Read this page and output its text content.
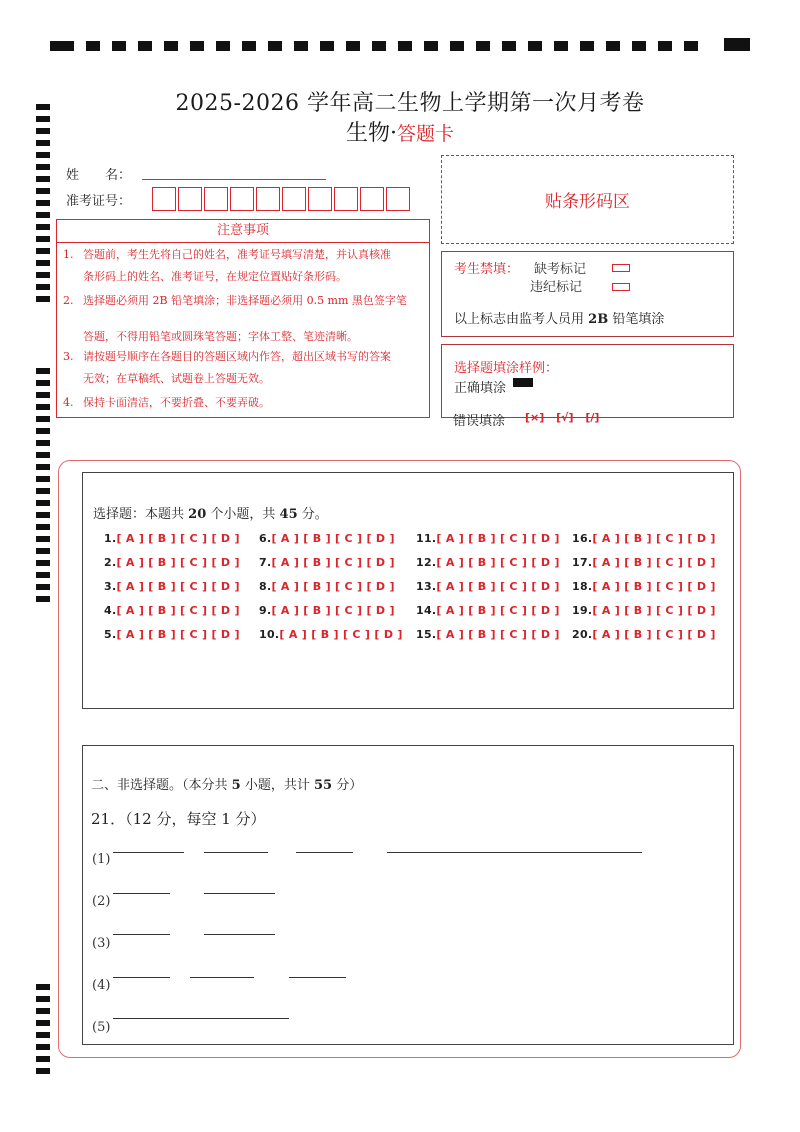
2025-2026 学年高二生物上学期第一次月考卷
生物·答题卡
姓　　名：
准考证号：
注意事项
1. 答题前，考生先将自己的姓名，准考证号填写清楚，并认真核准
条形码上的姓名、准考证号，在规定位置贴好条形码。
2. 选择题必须用 2B 铅笔填涂；非选择题必须用 0.5 mm 黑色签字笔
答题，不得用铅笔或圆珠笔答题；字体工整、笔迹清晰。
3. 请按题号顺序在各题目的答题区域内作答，超出区域书写的答案
无效；在草稿纸、试题卷上答题无效。
4. 保持卡面清洁，不要折叠、不要弄破。
贴条形码区
考生禁填： 缺考标记
违纪标记
以上标志由监考人员用 2B 铅笔填涂
选择题填涂样例：
正确填涂
错误填涂 [×] [√] [/]
选择题：本题共 20 个小题，共 45 分。
1.[ A ] [ B ] [ C ] [ D ]
2.[ A ] [ B ] [ C ] [ D ]
3.[ A ] [ B ] [ C ] [ D ]
4.[ A ] [ B ] [ C ] [ D ]
5.[ A ] [ B ] [ C ] [ D ]
6.[ A ] [ B ] [ C ] [ D ]
7.[ A ] [ B ] [ C ] [ D ]
8.[ A ] [ B ] [ C ] [ D ]
9.[ A ] [ B ] [ C ] [ D ]
10.[ A ] [ B ] [ C ] [ D ]
11.[ A ] [ B ] [ C ] [ D ]
12.[ A ] [ B ] [ C ] [ D ]
13.[ A ] [ B ] [ C ] [ D ]
14.[ A ] [ B ] [ C ] [ D ]
15.[ A ] [ B ] [ C ] [ D ]
16.[ A ] [ B ] [ C ] [ D ]
17.[ A ] [ B ] [ C ] [ D ]
18.[ A ] [ B ] [ C ] [ D ]
19.[ A ] [ B ] [ C ] [ D ]
20.[ A ] [ B ] [ C ] [ D ]
二、非选择题。（本分共 5 小题，共计 55 分）
21．（12 分，每空 1 分）
(1)
(2)
(3)
(4)
(5)
